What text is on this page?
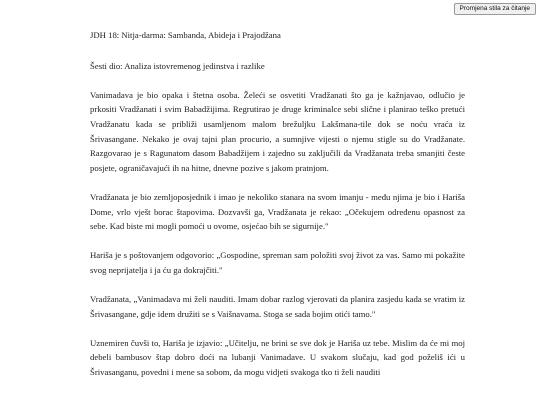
Promjena stila za čitanje

JDH 18: Nitja-darma: Sambanda, Abideja i Prajodžana

Šesti dio: Analiza istovremenog jedinstva i razlike

Vanimadava je bio opaka i štetna osoba. Želeći se osvetiti Vradžanati što ga je kažnjavao, odlučio je prkositi Vradžanati i svim Babadžijima. Regrutirao je druge kriminalce sebi slične i planirao teško pretući Vradžanatu kada se približi usamljenom malom brežuljku Lakšmana-tile dok se noću vraća iz Šrivasangane. Nekako je ovaj tajni plan procurio, a sumnjive vijesti o njemu stigle su do Vradžanate. Razgovarao je s Ragunatom dasom Babadžijem i zajedno su zaključili da Vradžanata treba smanjiti česte posjete, ograničavajući ih na hitne, dnevne pozive s jakom pratnjom.

Vradžanata je bio zemljoposjednik i imao je nekoliko stanara na svom imanju - među njima je bio i Hariša Dome, vrlo vješt borac štapovima. Dozvavši ga, Vradžanata je rekao: „Očekujem određenu opasnost za sebe. Kad biste mi mogli pomoći u ovome, osjećao bih se sigurnije."

Hariša je s poštovanjem odgovorio: „Gospodine, spreman sam položiti svoj život za vas. Samo mi pokažite svog neprijatelja i ja ću ga dokrajčiti."

Vradžanata, „Vanimadava mi želi nauditi. Imam dobar razlog vjerovati da planira zasjedu kada se vratim iz Šrivasangane, gdje idem družiti se s Vaišnavama. Stoga se sada bojim otići tamo."

Uznemiren čuvši to, Hariša je izjavio: „Učitelju, ne brini se sve dok je Hariša uz tebe. Mislim da će mi moj debeli bambusov štap dobro doći na lubanji Vanimadave. U svakom slučaju, kad god poželiš ići u Šrivasanganu, povedni i mene sa sobom, da mogu vidjeti svakoga tko ti želi nauditi
